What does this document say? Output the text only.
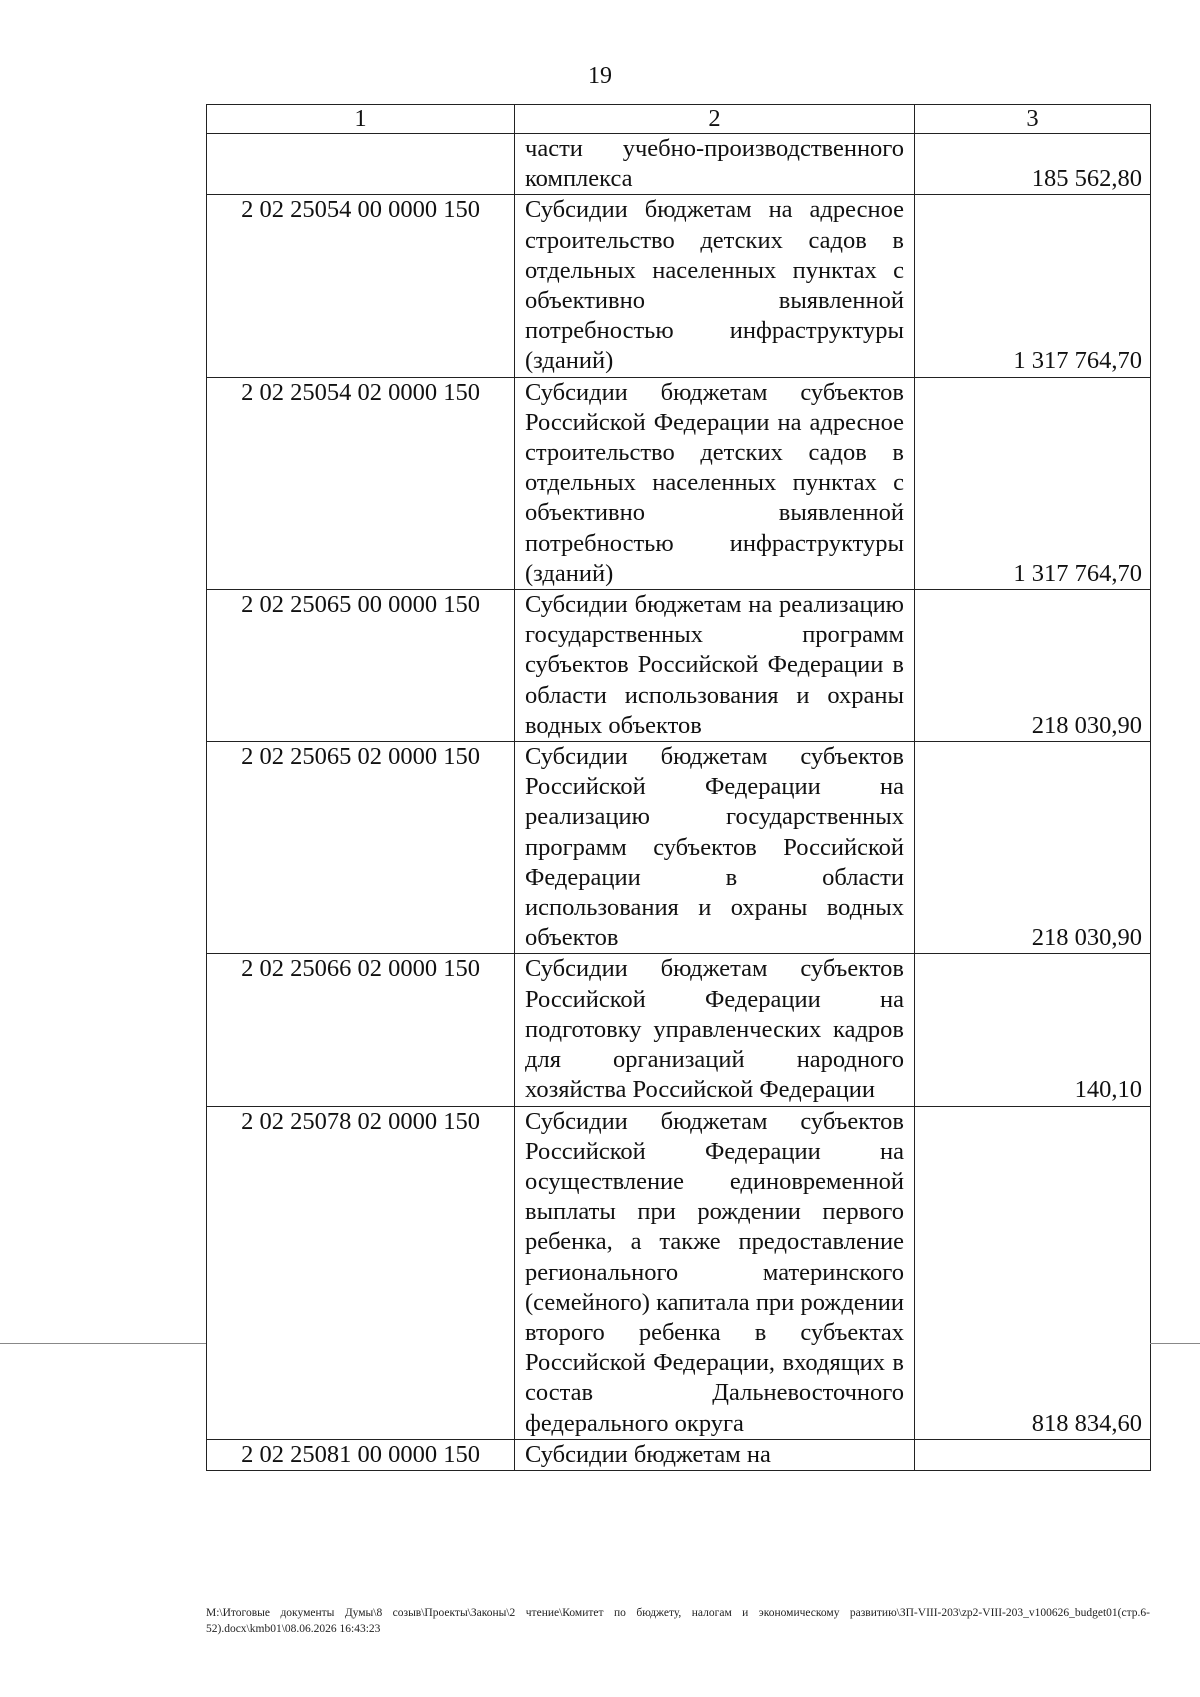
19
1	2	3
	части учебно-производственного комплекса	185 562,80
2 02 25054 00 0000 150	Субсидии бюджетам на адресное строительство детских садов в отдельных населенных пунктах с объективно выявленной потребностью инфраструктуры (зданий)	1 317 764,70
2 02 25054 02 0000 150	Субсидии бюджетам субъектов Российской Федерации на адресное строительство детских садов в отдельных населенных пунктах с объективно выявленной потребностью инфраструктуры (зданий)	1 317 764,70
2 02 25065 00 0000 150	Субсидии бюджетам на реализацию государственных программ субъектов Российской Федерации в области использования и охраны водных объектов	218 030,90
2 02 25065 02 0000 150	Субсидии бюджетам субъектов Российской Федерации на реализацию государственных программ субъектов Российской Федерации в области использования и охраны водных объектов	218 030,90
2 02 25066 02 0000 150	Субсидии бюджетам субъектов Российской Федерации на подготовку управленческих кадров для организаций народного хозяйства Российской Федерации	140,10
2 02 25078 02 0000 150	Субсидии бюджетам субъектов Российской Федерации на осуществление единовременной выплаты при рождении первого ребенка, а также предоставление регионального материнского (семейного) капитала при рождении второго ребенка в субъектах Российской Федерации, входящих в состав Дальневосточного федерального округа	818 834,60
2 02 25081 00 0000 150	Субсидии бюджетам на	
М:\Итоговые документы Думы\8 созыв\Проекты\Законы\2 чтение\Комитет по бюджету, налогам и экономическому развитию\ЗП-VIII-203\zp2-VIII-203_v100626_budget01(стр.6-52).docx\kmb01\08.06.2026 16:43:23
